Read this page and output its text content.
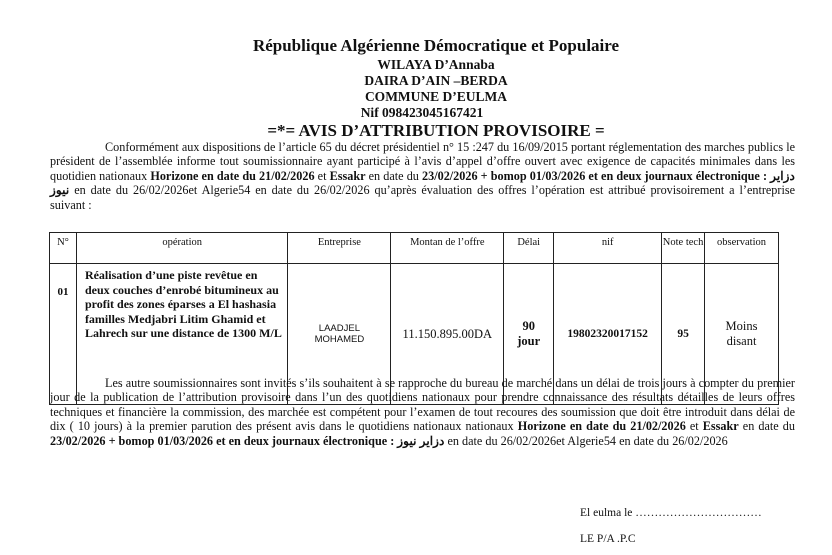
République Algérienne Démocratique et Populaire
WILAYA D’Annaba
DAIRA D’AIN –BERDA
COMMUNE D’EULMA
Nif 098423045167421
=*= AVIS D’ATTRIBUTION PROVISOIRE =
Conformément aux dispositions de l’article 65 du décret présidentiel n° 15 :247 du 16/09/2015 portant réglementation des marches publics le président de l’assemblée informe tout soumissionnaire ayant participé à l’avis d’appel d’offre ouvert avec exigence de capacités minimales dans les quotidien nationaux Horizone en date du 21/02/2026 et Essakr en date du 23/02/2026 + bomop 01/03/2026 et en deux journaux électronique : دزاير نيوز en date du 26/02/2026et Algerie54 en date du 26/02/2026 qu’après évaluation des offres l’opération est attribué provisoirement a l’entreprise suivant :
N°	opération	Entreprise	Montan de l’offre	Délai	nif	Note tech	observation
01	Réalisation d’une piste revêtue en deux couches d’enrobé bitumineux au profit des zones éparses a El hashasia familles Medjabri Litim Ghamid et Lahrech sur une distance de 1300 M/L	LAADJEL MOHAMED	11.150.895.00DA	90 jour	19802320017152	95	Moins disant
Les autre soumissionnaires sont invités s’ils souhaitent à se rapproche du bureau de marché dans un délai de trois jours à compter du premier jour de la publication de l’attribution provisoire dans l’un des quotidiens nationaux pour prendre connaissance des résultats détailles de leurs offres techniques et financière la commission, des marchée est compétent pour l’examen de tout recoures des soumission que doit être introduit dans délai de dix ( 10 jours) à la premier parution des présent avis dans le quotidiens nationaux nationaux Horizone en date du 21/02/2026 et Essakr en date du 23/02/2026 + bomop 01/03/2026 et en deux journaux électronique : دزاير نيوز en date du 26/02/2026et Algerie54 en date du 26/02/2026
El eulma le ……………………………
LE P/A .P.C
